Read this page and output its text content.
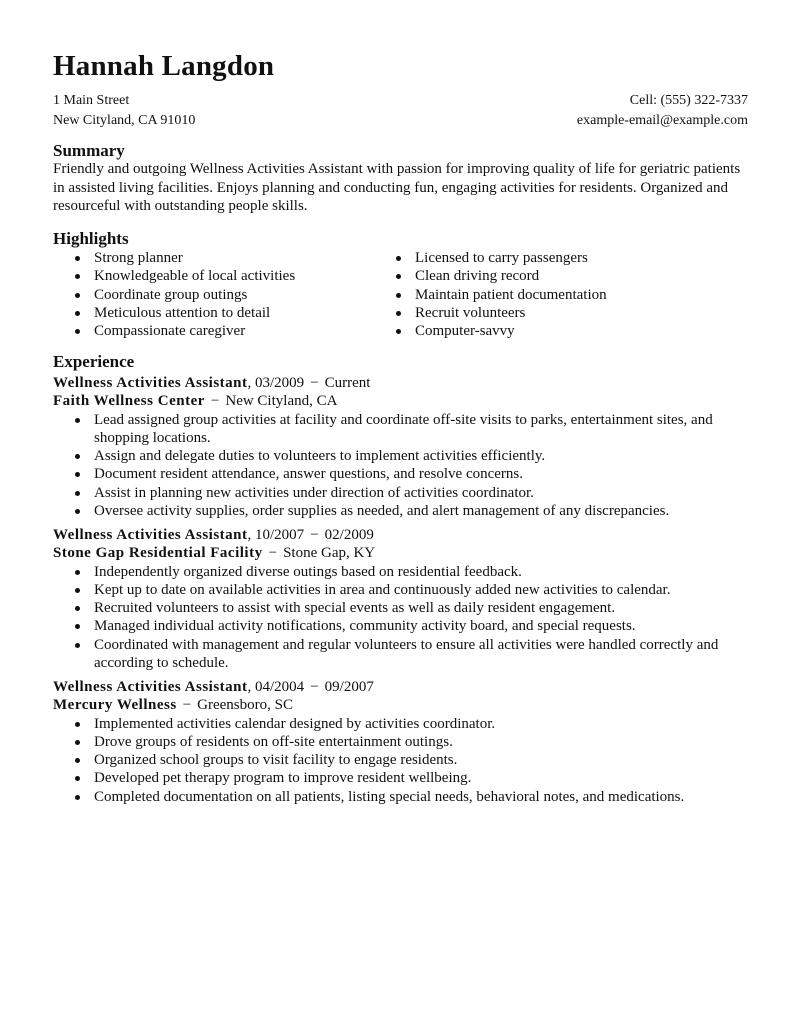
Hannah Langdon
1 Main Street
New Cityland, CA 91010
Cell: (555) 322-7337
example-email@example.com
Summary
Friendly and outgoing Wellness Activities Assistant with passion for improving quality of life for geriatric patients in assisted living facilities. Enjoys planning and conducting fun, engaging activities for residents. Organized and resourceful with outstanding people skills.
Highlights
Strong planner
Knowledgeable of local activities
Coordinate group outings
Meticulous attention to detail
Compassionate caregiver
Licensed to carry passengers
Clean driving record
Maintain patient documentation
Recruit volunteers
Computer-savvy
Experience
Wellness Activities Assistant, 03/2009 − Current
Faith Wellness Center − New Cityland, CA
Lead assigned group activities at facility and coordinate off-site visits to parks, entertainment sites, and shopping locations.
Assign and delegate duties to volunteers to implement activities efficiently.
Document resident attendance, answer questions, and resolve concerns.
Assist in planning new activities under direction of activities coordinator.
Oversee activity supplies, order supplies as needed, and alert management of any discrepancies.
Wellness Activities Assistant, 10/2007 − 02/2009
Stone Gap Residential Facility − Stone Gap, KY
Independently organized diverse outings based on residential feedback.
Kept up to date on available activities in area and continuously added new activities to calendar.
Recruited volunteers to assist with special events as well as daily resident engagement.
Managed individual activity notifications, community activity board, and special requests.
Coordinated with management and regular volunteers to ensure all activities were handled correctly and according to schedule.
Wellness Activities Assistant, 04/2004 − 09/2007
Mercury Wellness − Greensboro, SC
Implemented activities calendar designed by activities coordinator.
Drove groups of residents on off-site entertainment outings.
Organized school groups to visit facility to engage residents.
Developed pet therapy program to improve resident wellbeing.
Completed documentation on all patients, listing special needs, behavioral notes, and medications.
